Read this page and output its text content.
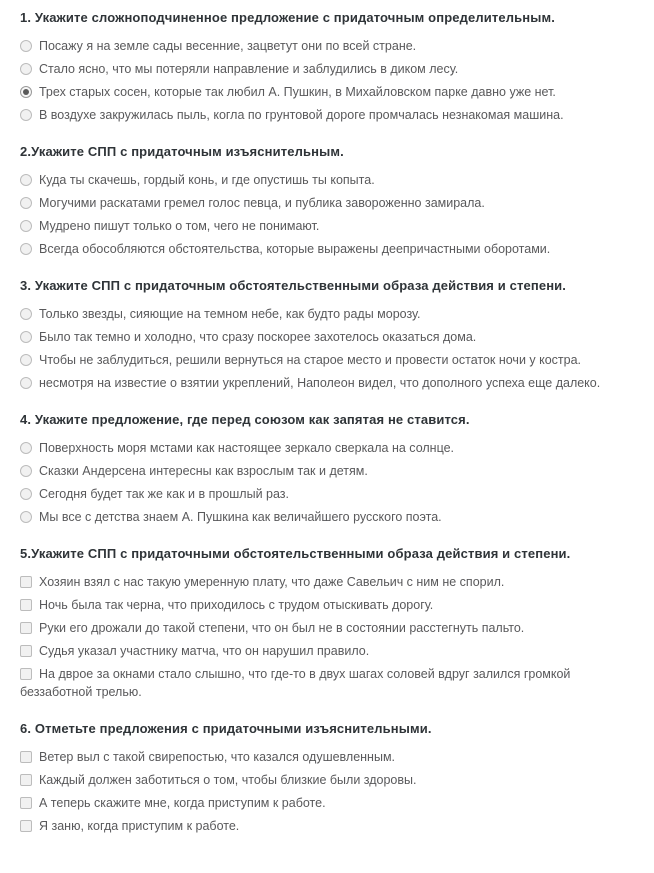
1. Укажите сложноподчиненное предложение с придаточным определительным.
Посажу я на земле сады весенние, зацветут они по всей стране.
Стало ясно, что мы потеряли направление и заблудились в диком лесу.
Трех старых сосен, которые так любил А. Пушкин, в Михайловском парке давно уже нет.
В воздухе закружилась пыль, когла по грунтовой дороге промчалась незнакомая машина.
2.Укажите СПП с придаточным изъяснительным.
Куда ты скачешь, гордый конь, и где опустишь ты копыта.
Могучими раскатами гремел голос певца, и публика завороженно замирала.
Мудрено пишут только о том, чего не понимают.
Всегда обособляются обстоятельства, которые выражены деепричастными оборотами.
3. Укажите СПП с придаточным обстоятельственными образа действия и степени.
Только звезды, сияющие на темном небе, как будто рады морозу.
Было так темно и холодно, что сразу поскорее захотелось оказаться дома.
Чтобы не заблудиться, решили вернуться на старое место и провести остаток ночи у костра.
несмотря на известие о взятии укреплений, Наполеон видел, что дополного успеха еще далеко.
4. Укажите предложение, где перед союзом как запятая не ставится.
Поверхность моря мстами как настоящее зеркало сверкала на солнце.
Сказки Андерсена интересны как взрослым так и детям.
Сегодня будет так же как и в прошлый раз.
Мы все с детства знаем А. Пушкина как величайшего русского поэта.
5.Укажите СПП с придаточными обстоятельственными образа действия и степени.
Хозяин взял с нас такую умеренную плату, что даже Савельич с ним не спорил.
Ночь была так черна, что приходилось с трудом отыскивать дорогу.
Руки его дрожали до такой степени, что он был не в состоянии расстегнуть пальто.
Судья указал участнику матча, что он нарушил правило.
На дврое за окнами стало слышно, что где-то в двух шагах соловей вдруг залился громкой беззаботной трелью.
6. Отметьте предложения с придаточными изъяснительными.
Ветер выл с такой свирепостью, что казался одушевленным.
Каждый должен заботиться о том, чтобы близкие были здоровы.
А теперь скажите мне, когда приступим к работе.
Я заню, когда приступим к работе.
